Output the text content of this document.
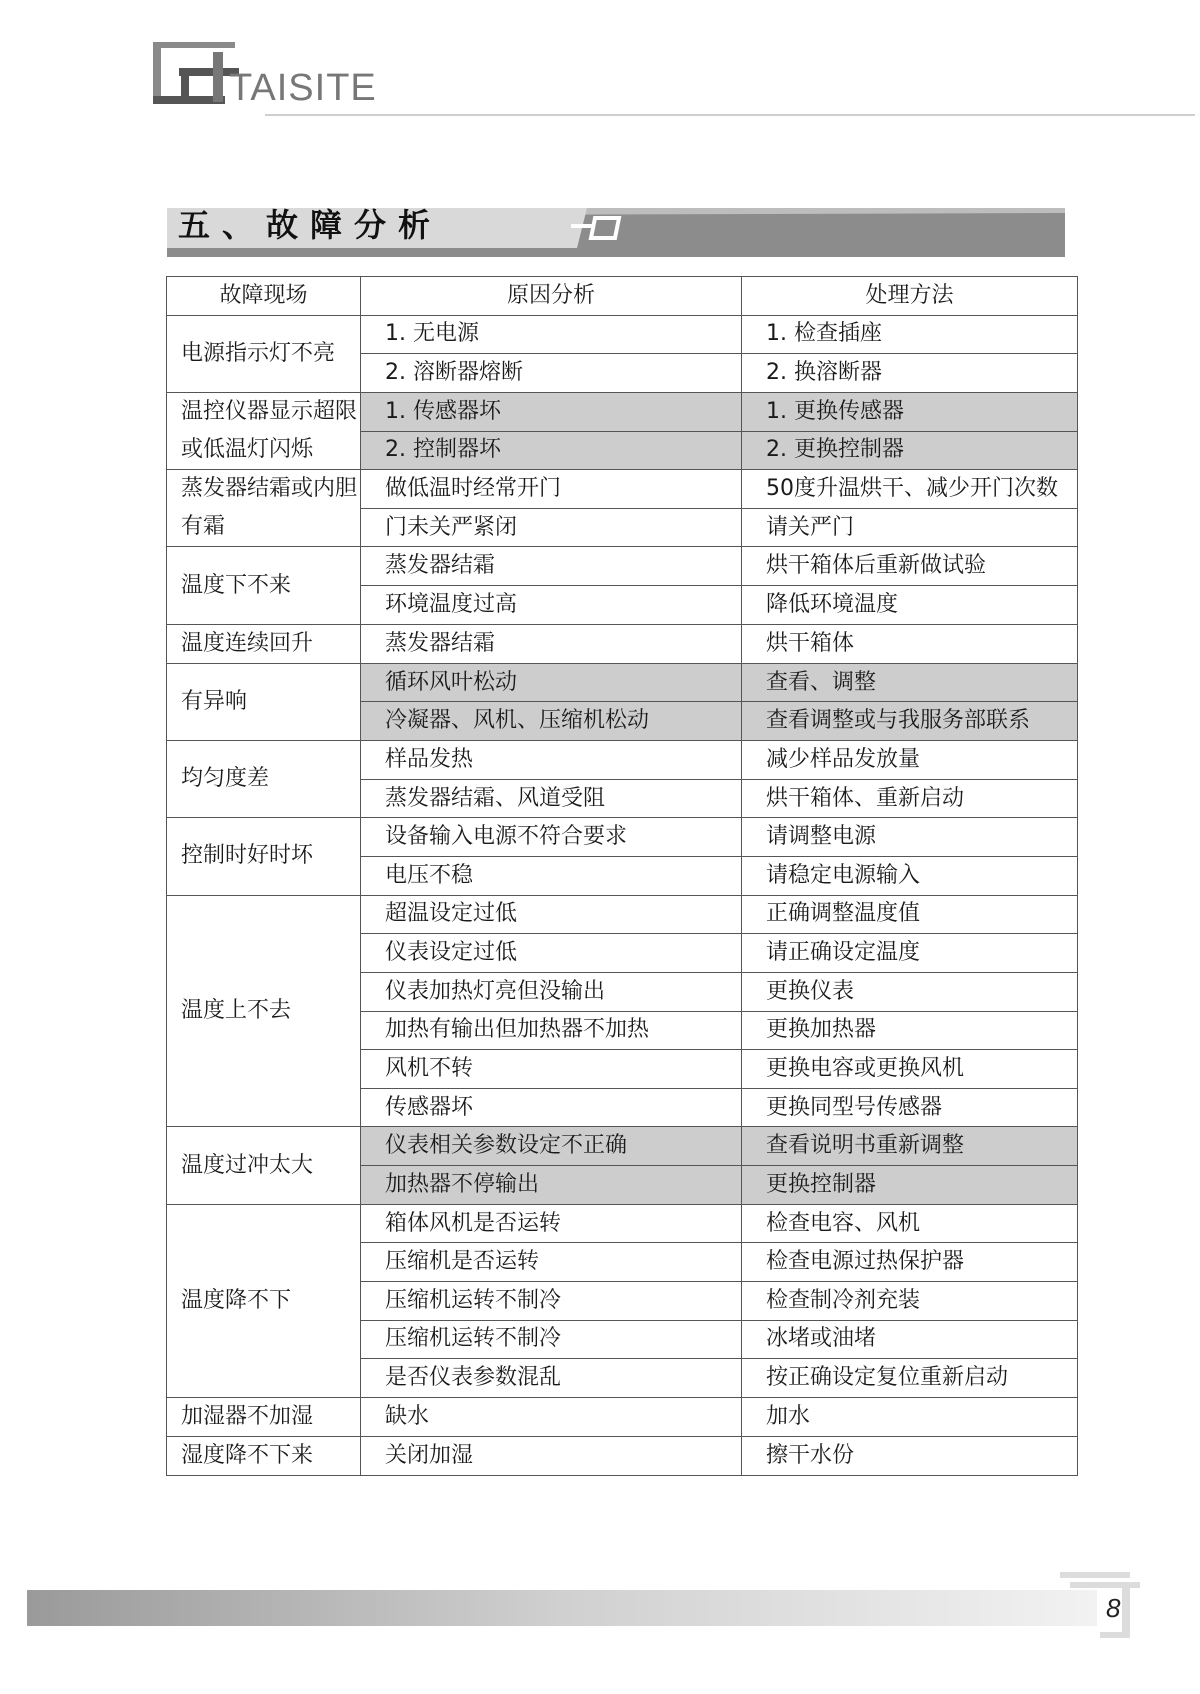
TAISITE
五、故障分析
故障现场	原因分析	处理方法
电源指示灯不亮	1. 无电源	1. 检查插座
	2. 溶断器熔断	2. 换溶断器
温控仪器显示超限或低温灯闪烁	1. 传感器坏	1. 更换传感器
	2. 控制器坏	2. 更换控制器
蒸发器结霜或内胆有霜	做低温时经常开门	50度升温烘干、减少开门次数
	门未关严紧闭	请关严门
温度下不来	蒸发器结霜	烘干箱体后重新做试验
	环境温度过高	降低环境温度
温度连续回升	蒸发器结霜	烘干箱体
有异响	循环风叶松动	查看、调整
	冷凝器、风机、压缩机松动	查看调整或与我服务部联系
均匀度差	样品发热	减少样品发放量
	蒸发器结霜、风道受阻	烘干箱体、重新启动
控制时好时坏	设备输入电源不符合要求	请调整电源
	电压不稳	请稳定电源输入
温度上不去	超温设定过低	正确调整温度值
	仪表设定过低	请正确设定温度
	仪表加热灯亮但没输出	更换仪表
	加热有输出但加热器不加热	更换加热器
	风机不转	更换电容或更换风机
	传感器坏	更换同型号传感器
温度过冲太大	仪表相关参数设定不正确	查看说明书重新调整
	加热器不停输出	更换控制器
温度降不下	箱体风机是否运转	检查电容、风机
	压缩机是否运转	检查电源过热保护器
	压缩机运转不制冷	检查制冷剂充装
	压缩机运转不制冷	冰堵或油堵
	是否仪表参数混乱	按正确设定复位重新启动
加湿器不加湿	缺水	加水
湿度降不下来	关闭加湿	擦干水份
8
